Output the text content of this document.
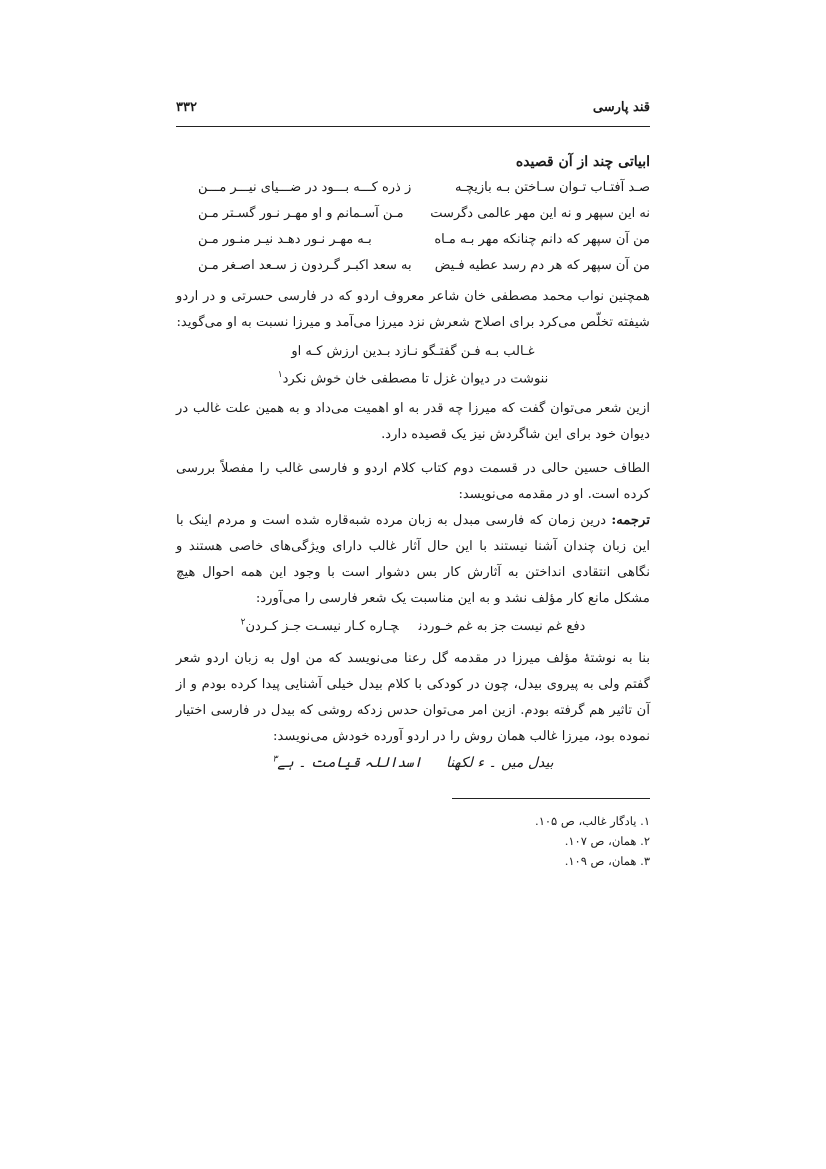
قند پارسی
۳۳۲
ابیاتی چند از آن قصیده
صـد آفتـاب تـوان سـاختن بـه بازیچـه
ز ذره کـــه بـــود در ضـــیای نیـــر مـــن
نه این سپهر و نه این مهر عالمی دگرست
مـن آسـمانم و او مهـر نـور گسـتر مـن
من آن سپهر که دانم چنانکه مهر بـه مـاه
بـه مهـر نـور دهـد نیـر منـور مـن
من آن سپهر که هر دم رسد عطیه فـیض
به سعد اکبـر گـردون ز سـعد اصـغر مـن
همچنین نواب محمد مصطفی خان شاعر معروف اردو که در فارسی حسرتی و در اردو شیفته تخلّص می‌کرد برای اصلاح شعرش نزد میرزا می‌آمد و میرزا نسبت به او می‌گوید:
غـالب بـه فـن گفتـگو نـازد بـدین ارزش کـه او
ننوشت در دیوان غزل تا مصطفی خان خوش نکرد$^۱$
ازین شعر می‌توان گفت که میرزا چه قدر به او اهمیت می‌داد و به همین علت غالب در دیوان خود برای این شاگردش نیز یک قصیده دارد.
الطاف حسین حالی در قسمت دوم کتاب کلام اردو و فارسی غالب را مفصلاً بررسی کرده است. او در مقدمه می‌نویسد:
ترجمه: درین زمان که فارسی مبدل به زبان مرده شبه‌قاره شده است و مردم اینک با این زبان چندان آشنا نیستند با این حال آثار غالب دارای ویژگی‌های خاصی هستند و نگاهی انتقادی انداختن به آثارش کار بس دشوار است با وجود این همه احوال هیچ مشکل مانع کار مؤلف نشد و به این مناسبت یک شعر فارسی را می‌آورد:
دفع غم نیست جز به غم خـوردنچـاره کـار نیسـت جـز کـردن$^۲$
بنا به نوشتهٔ مؤلف میرزا در مقدمه گل رعنا می‌نویسد که من اول به زبان اردو شعر گفتم ولی به پیروی بیدل، چون در کودکی با کلام بیدل خیلی آشنایی پیدا کرده بودم و از آن تاثیر هم گرفته بودم. ازین امر می‌توان حدس زدکه روشی که بیدل در فارسی اختیار نموده بود، میرزا غالب همان روش را در اردو آورده خودش می‌نویسد:
بیدل میں ۔ ء لکھنااسداللہ قیامت ۔ ہے$^۳$
۱. یادگار غالب، ص ۱۰۵.
۲. همان، ص ۱۰۷.
۳. همان، ص ۱۰۹.
